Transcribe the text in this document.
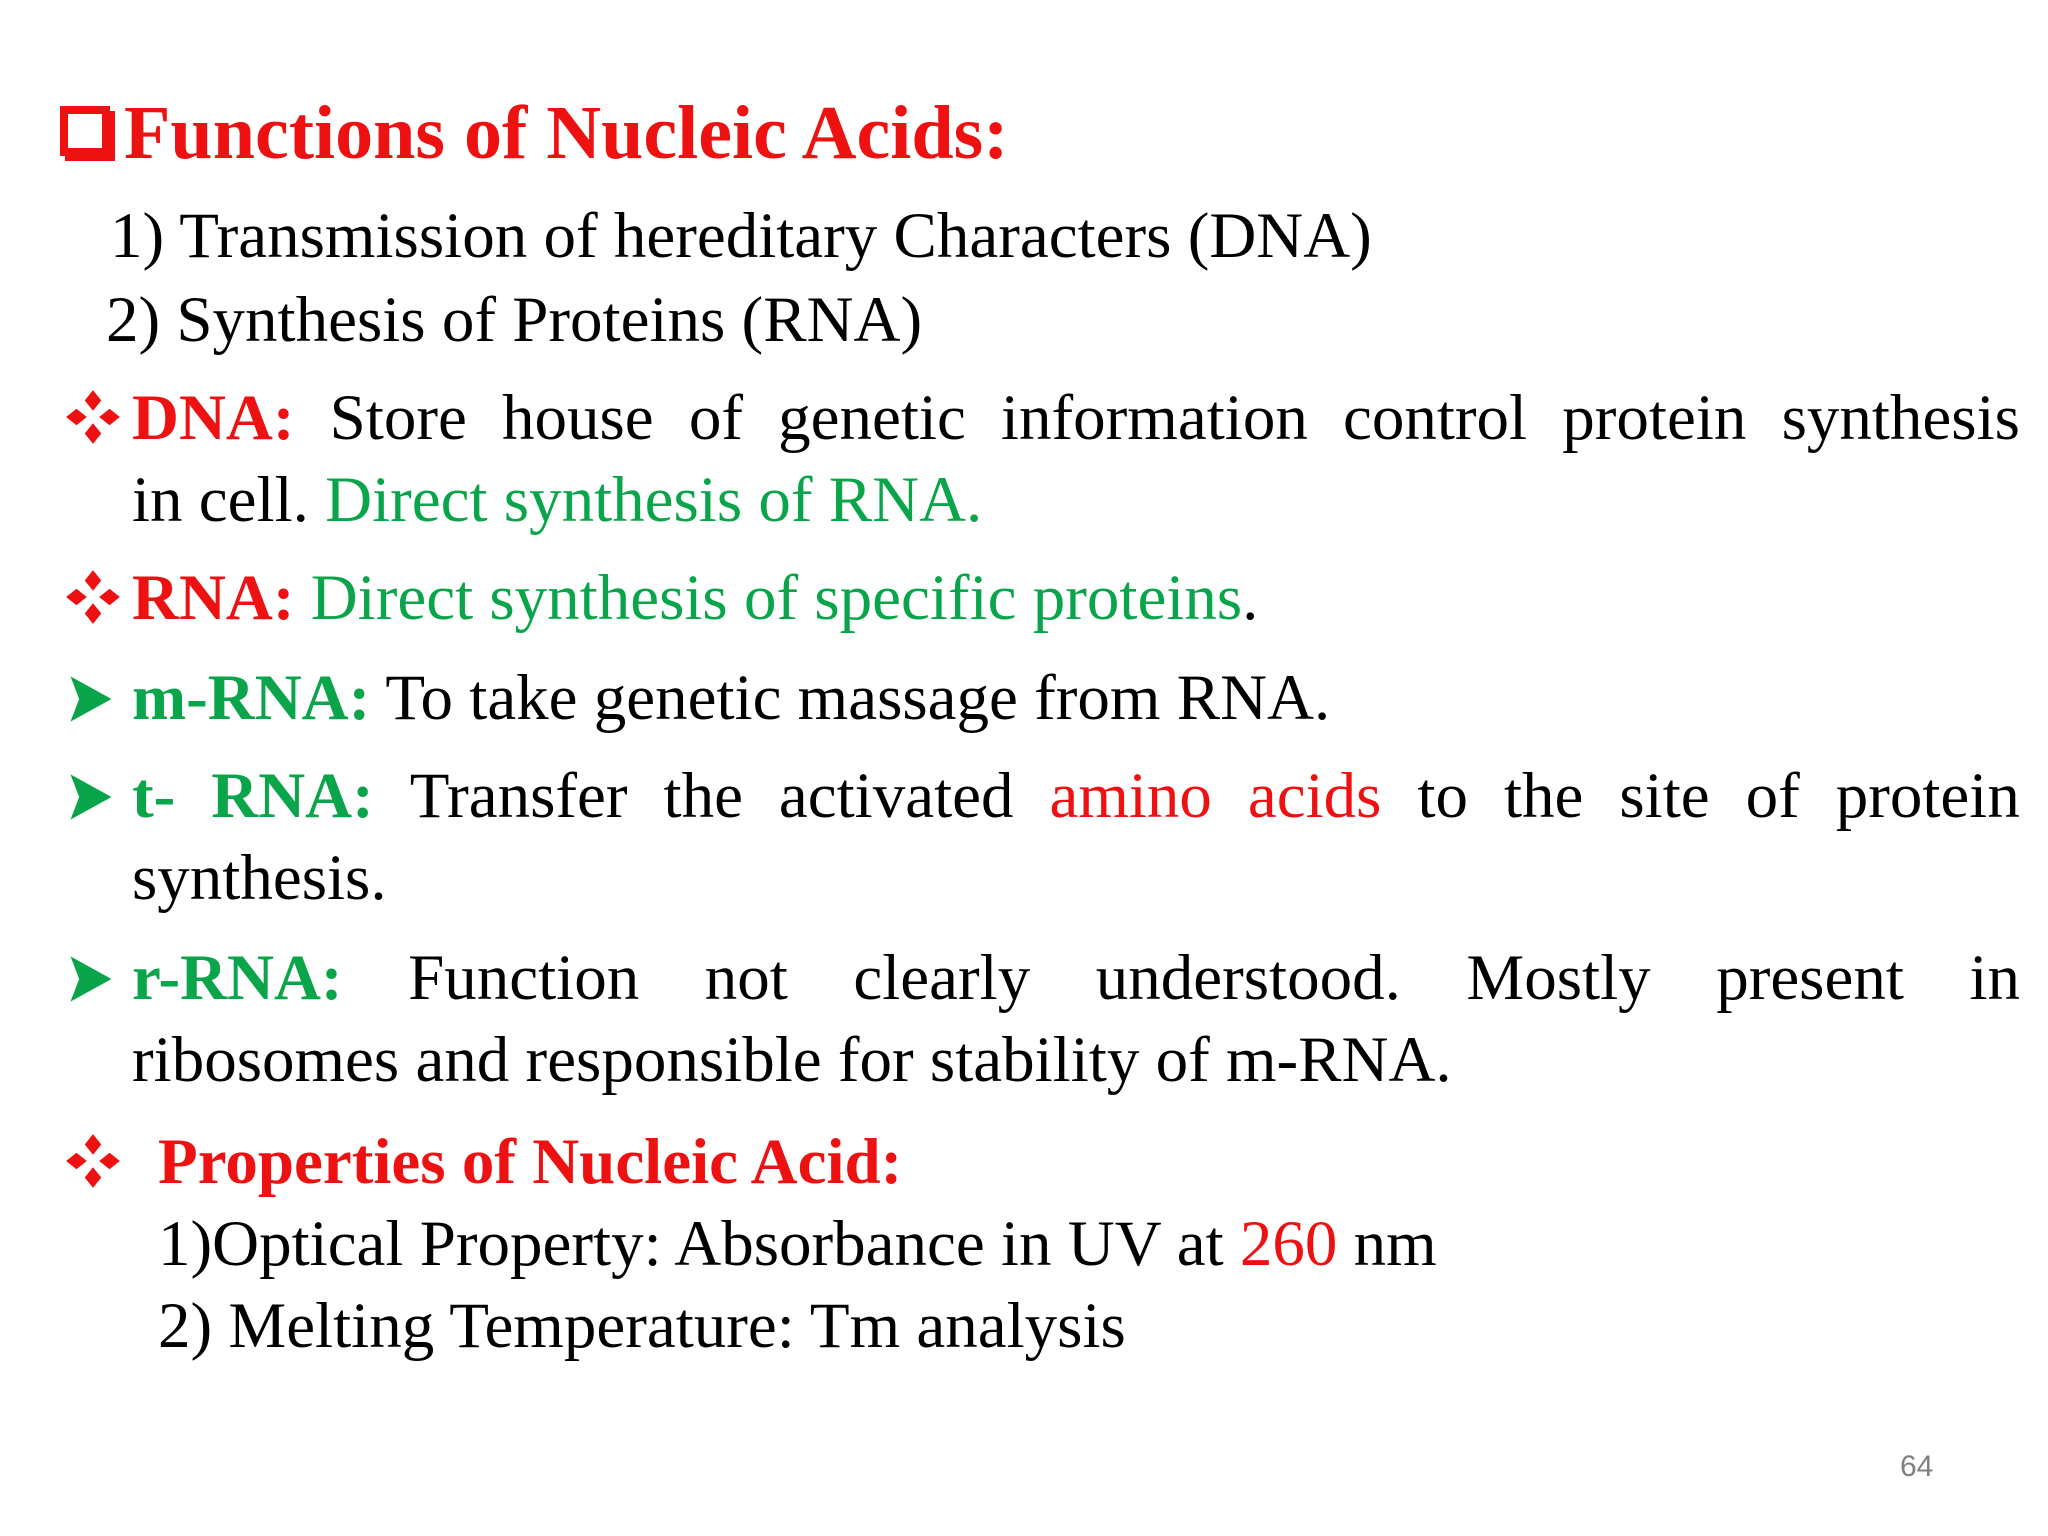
Functions of Nucleic Acids:
1) Transmission of hereditary Characters (DNA)
2) Synthesis of Proteins (RNA)
DNA: Store house of genetic information control protein synthesis
in cell. Direct synthesis of RNA.
RNA: Direct synthesis of specific proteins.
m-RNA: To take genetic massage from RNA.
t- RNA: Transfer the activated amino acids to the site of protein
synthesis.
r-RNA: Function not clearly understood. Mostly present in
ribosomes and responsible for stability of m-RNA.
Properties of Nucleic Acid:
1)Optical Property: Absorbance in UV at 260 nm
2) Melting Temperature: Tm analysis
64
